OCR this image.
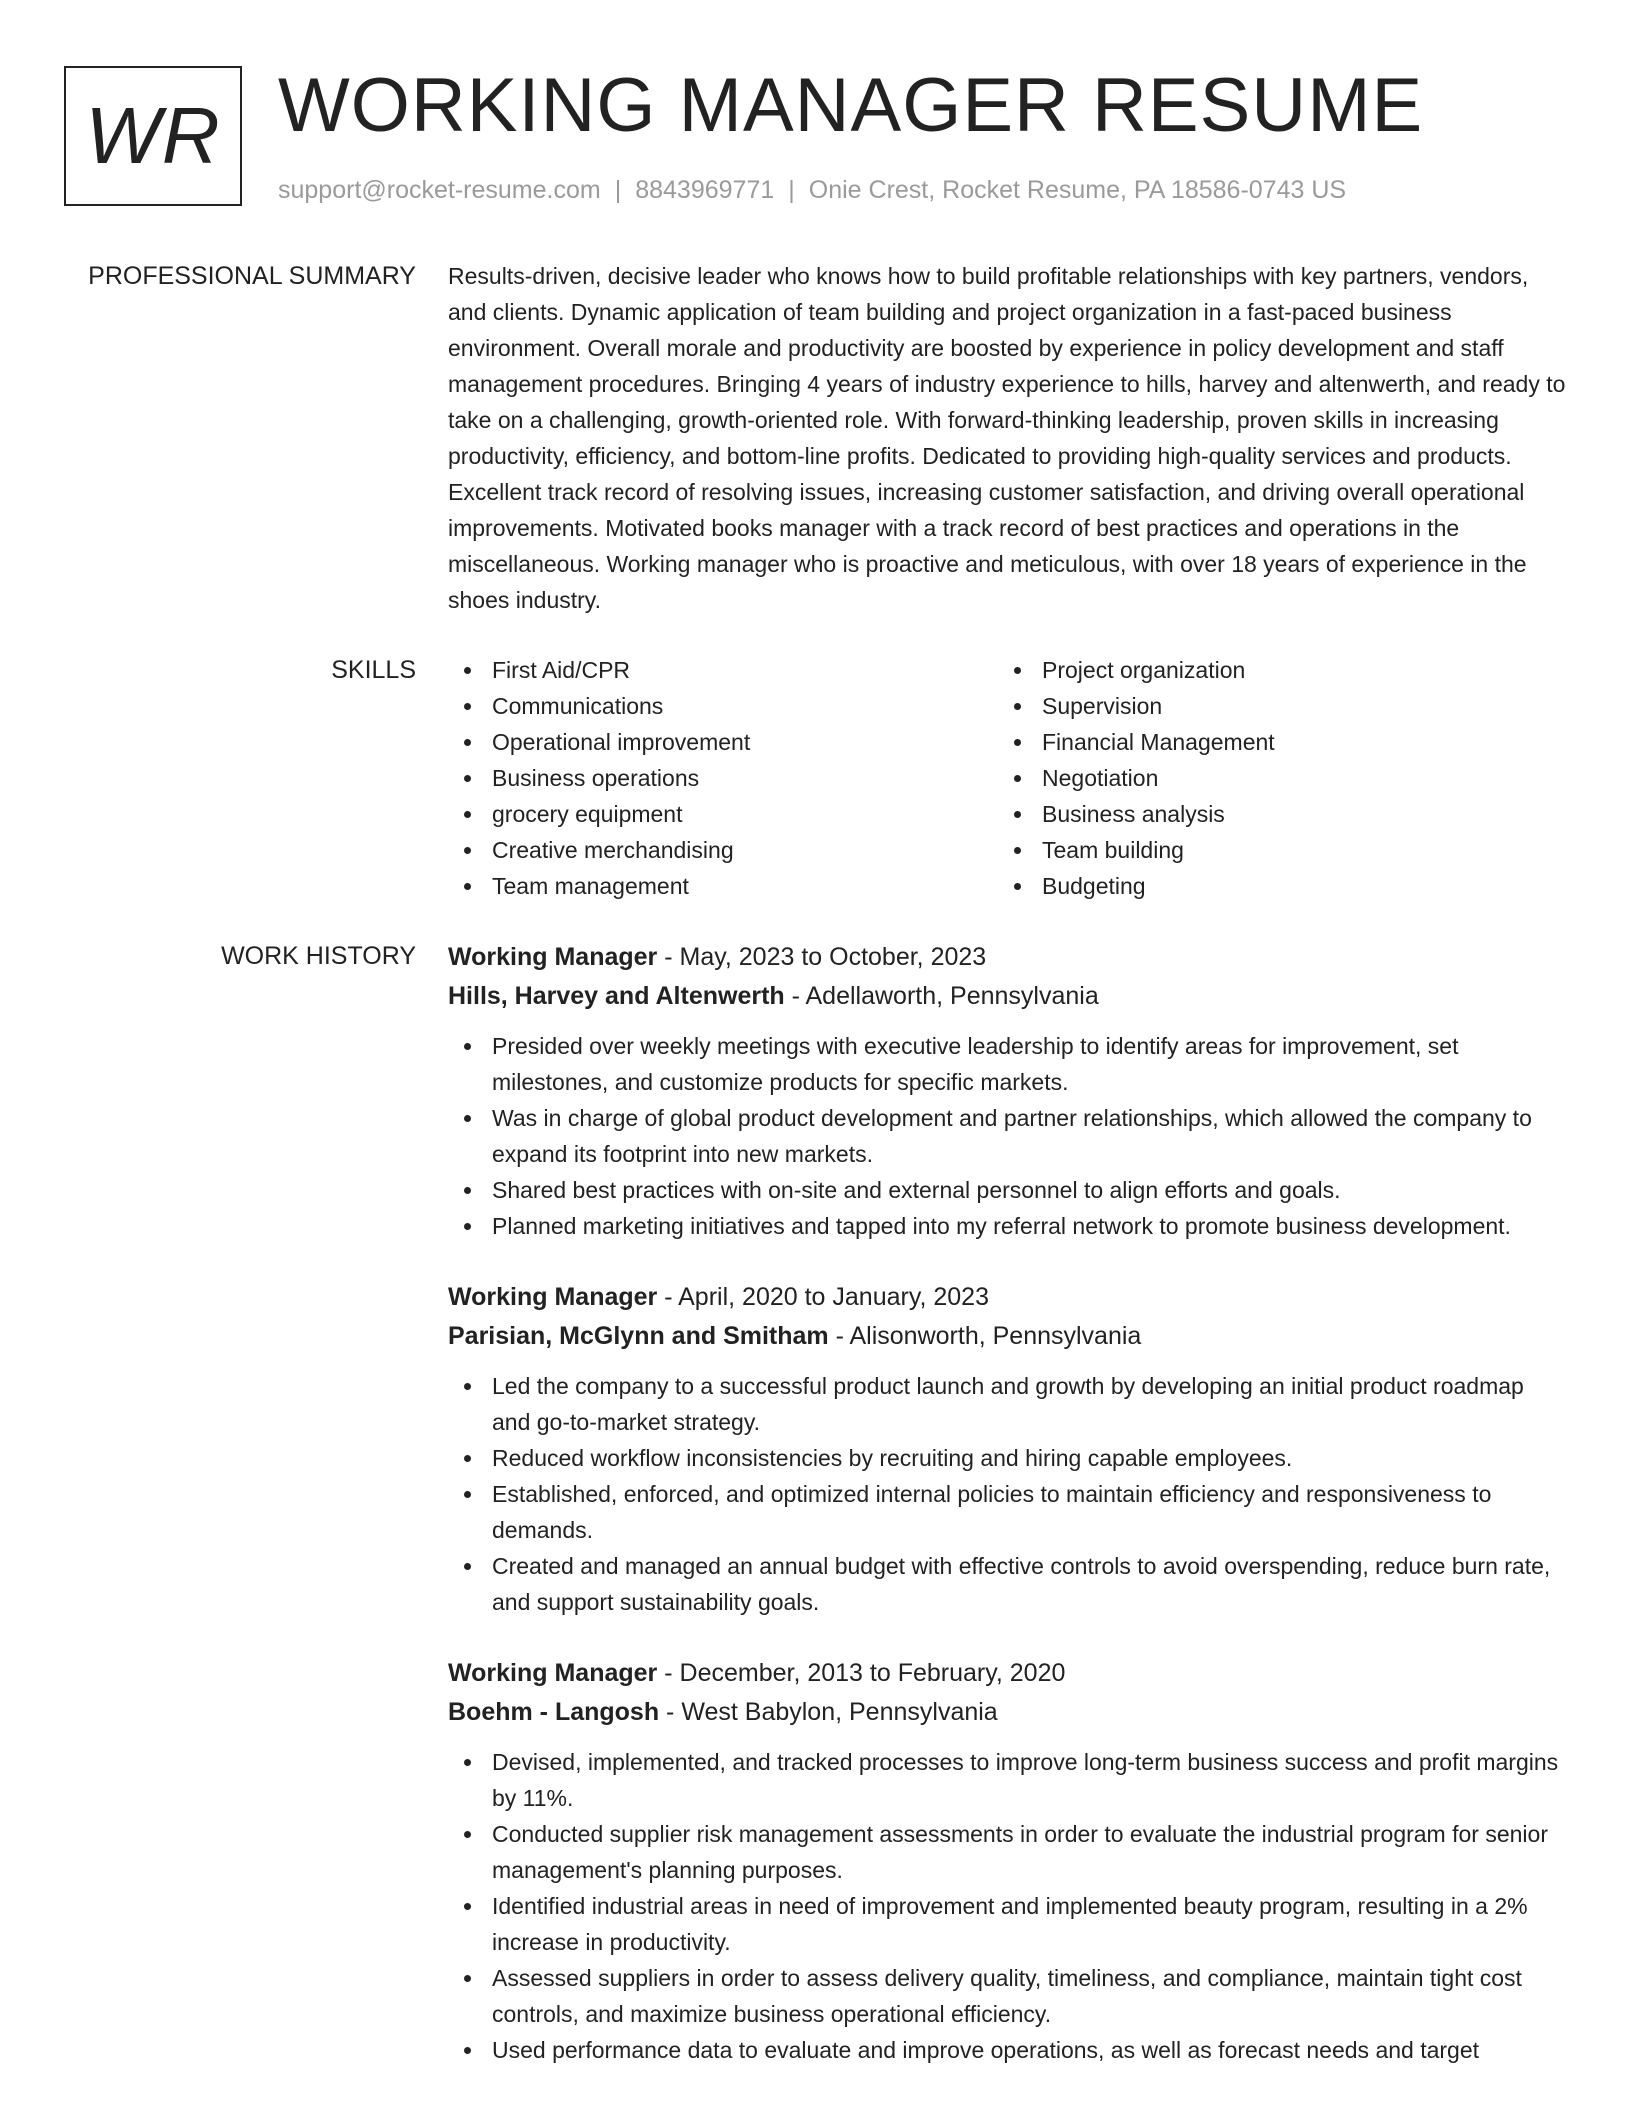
WR WORKING MANAGER RESUME
support@rocket-resume.com | 8843969771 | Onie Crest, Rocket Resume, PA 18586-0743 US
PROFESSIONAL SUMMARY Results-driven, decisive leader who knows how to build profitable relationships with key partners, vendors, and clients. Dynamic application of team building and project organization in a fast-paced business environment. Overall morale and productivity are boosted by experience in policy development and staff management procedures. Bringing 4 years of industry experience to hills, harvey and altenwerth, and ready to take on a challenging, growth-oriented role. With forward-thinking leadership, proven skills in increasing productivity, efficiency, and bottom-line profits. Dedicated to providing high-quality services and products. Excellent track record of resolving issues, increasing customer satisfaction, and driving overall operational improvements. Motivated books manager with a track record of best practices and operations in the miscellaneous. Working manager who is proactive and meticulous, with over 18 years of experience in the shoes industry.

SKILLS	First Aid/CPR
Communications
Operational improvement
Business operations
grocery equipment
Creative merchandising
Team management
Project organization
Supervision
Financial Management
Negotiation
Business analysis
Team building
Budgeting
WORK HISTORY Working Manager - May, 2023 to October, 2023
Hills, Harvey and Altenwerth - Adellaworth, Pennsylvania
Presided over weekly meetings with executive leadership to identify areas for improvement, set milestones, and customize products for specific markets.
Was in charge of global product development and partner relationships, which allowed the company to expand its footprint into new markets.
Shared best practices with on-site and external personnel to align efforts and goals.
Planned marketing initiatives and tapped into my referral network to promote business development.
Working Manager - April, 2020 to January, 2023
Parisian, McGlynn and Smitham - Alisonworth, Pennsylvania
Led the company to a successful product launch and growth by developing an initial product roadmap and go-to-market strategy.
Reduced workflow inconsistencies by recruiting and hiring capable employees.
Established, enforced, and optimized internal policies to maintain efficiency and responsiveness to demands.
Created and managed an annual budget with effective controls to avoid overspending, reduce burn rate, and support sustainability goals.
Working Manager - December, 2013 to February, 2020
Boehm - Langosh - West Babylon, Pennsylvania
Devised, implemented, and tracked processes to improve long-term business success and profit margins by 11%.
Conducted supplier risk management assessments in order to evaluate the industrial program for senior management's planning purposes.
Identified industrial areas in need of improvement and implemented beauty program, resulting in a 2% increase in productivity.
Assessed suppliers in order to assess delivery quality, timeliness, and compliance, maintain tight cost controls, and maximize business operational efficiency.
Used performance data to evaluate and improve operations, as well as forecast needs and target
